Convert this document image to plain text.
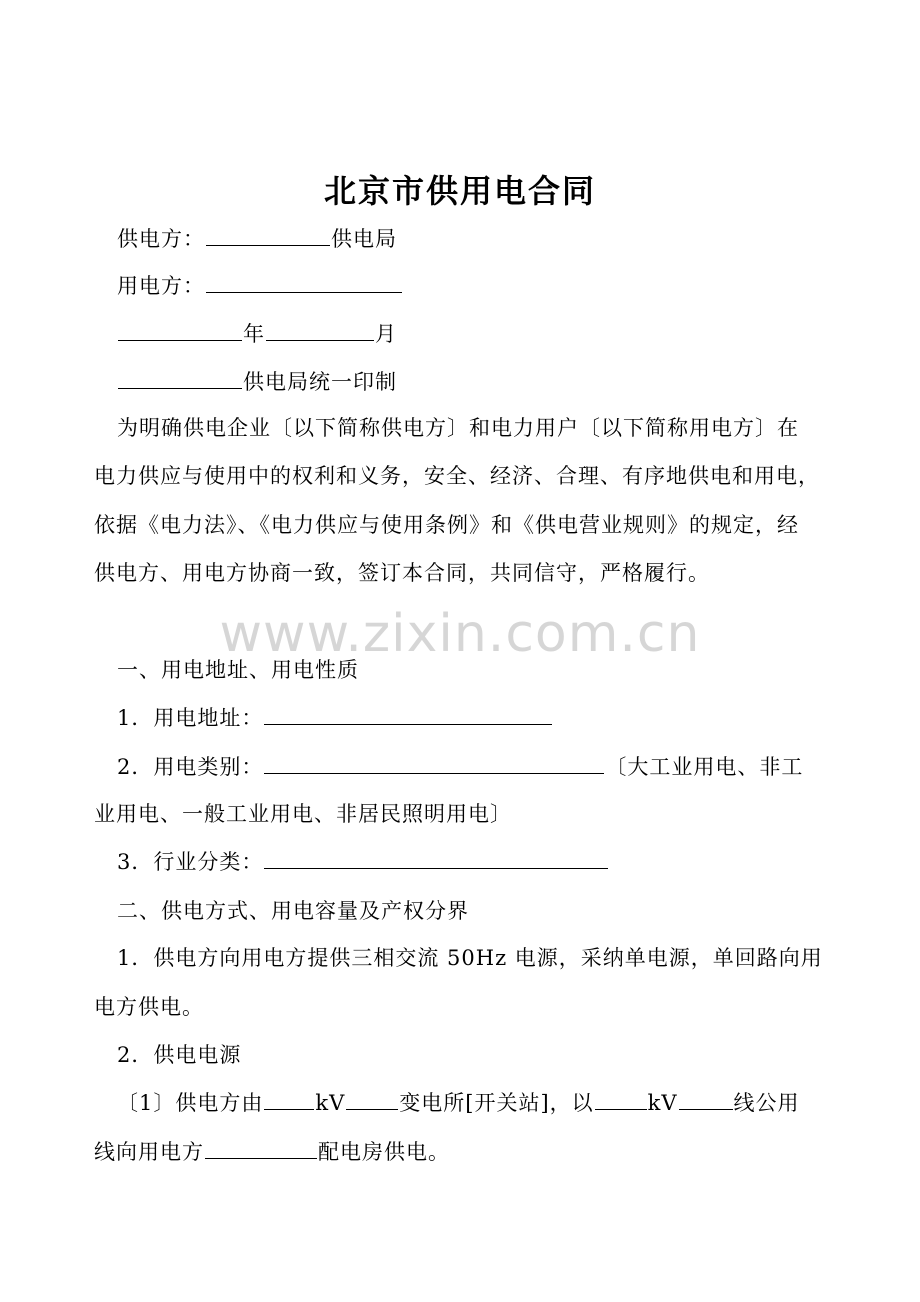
北京市供用电合同
供电方：	供电局
用电方：
年	月
供电局统一印制
为明确供电企业〔以下简称供电方〕和电力用户〔以下简称用电方〕在
电力供应与使用中的权利和义务，安全、经济、合理、有序地供电和用电，
依据《电力法》、《电力供应与使用条例》和《供电营业规则》的规定，经
供电方、用电方协商一致，签订本合同，共同信守，严格履行。
www.zixin.com.cn
一、用电地址、用电性质
1．用电地址：
2．用电类别：	〔大工业用电、非工
业用电、一般工业用电、非居民照明用电〕
3．行业分类：
二、供电方式、用电容量及产权分界
1．供电方向用电方提供三相交流 50Hz 电源，采纳单电源，单回路向用
电方供电。
2．供电电源
〔1〕供电方由 kV	变电所[开关站]，以	kV	线公用
线向用电方	配电房供电。
